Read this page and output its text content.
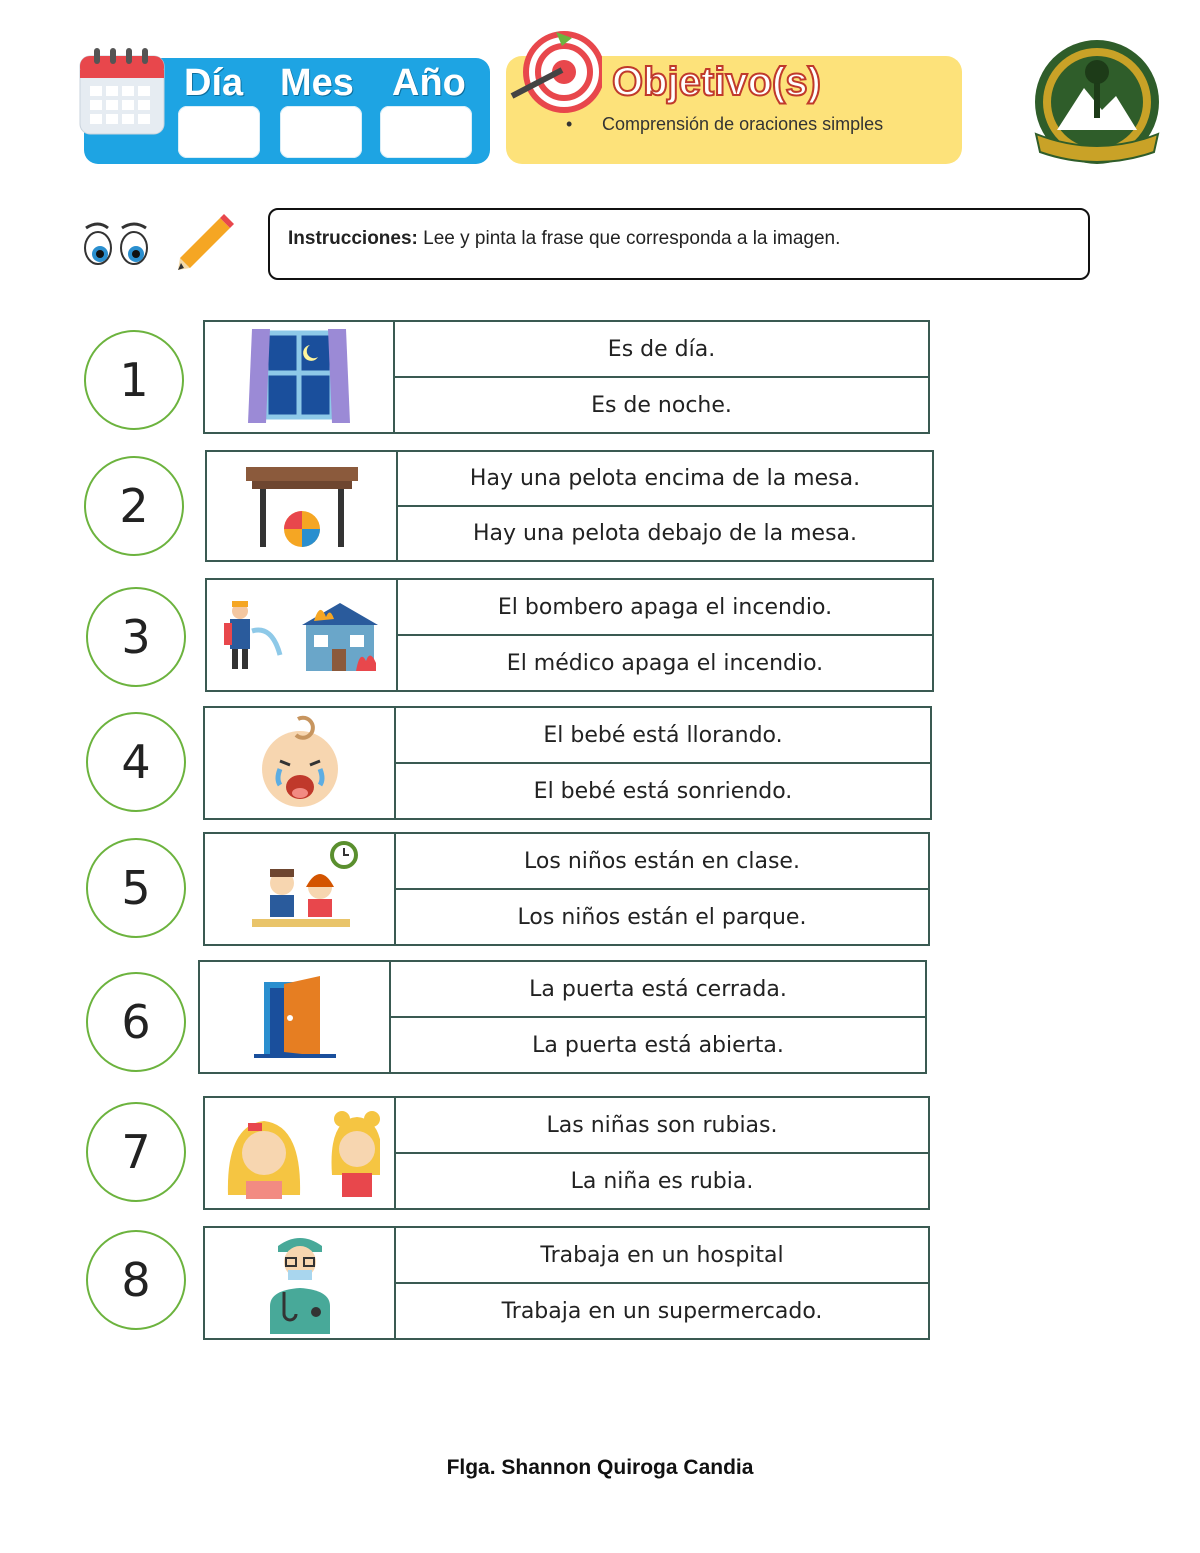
Día Mes Año	Objetivo(s)
• Comprensión de oraciones simples
Instrucciones: Lee y pinta la frase que corresponda a la imagen.
1
Es de día.
Es de noche.
2
Hay una pelota encima de la mesa.
Hay una pelota debajo de la mesa.
3
El bombero apaga el incendio.
El médico apaga el incendio.
4	El bebé está llorando.
El bebé está sonriendo.
5	Los niños están en clase.
Los niños están el parque.
6
La puerta está cerrada.
La puerta está abierta.
7	Las niñas son rubias.
La niña es rubia.
8	Trabaja en un hospital
Trabaja en un supermercado.
Flga. Shannon Quiroga Candia
